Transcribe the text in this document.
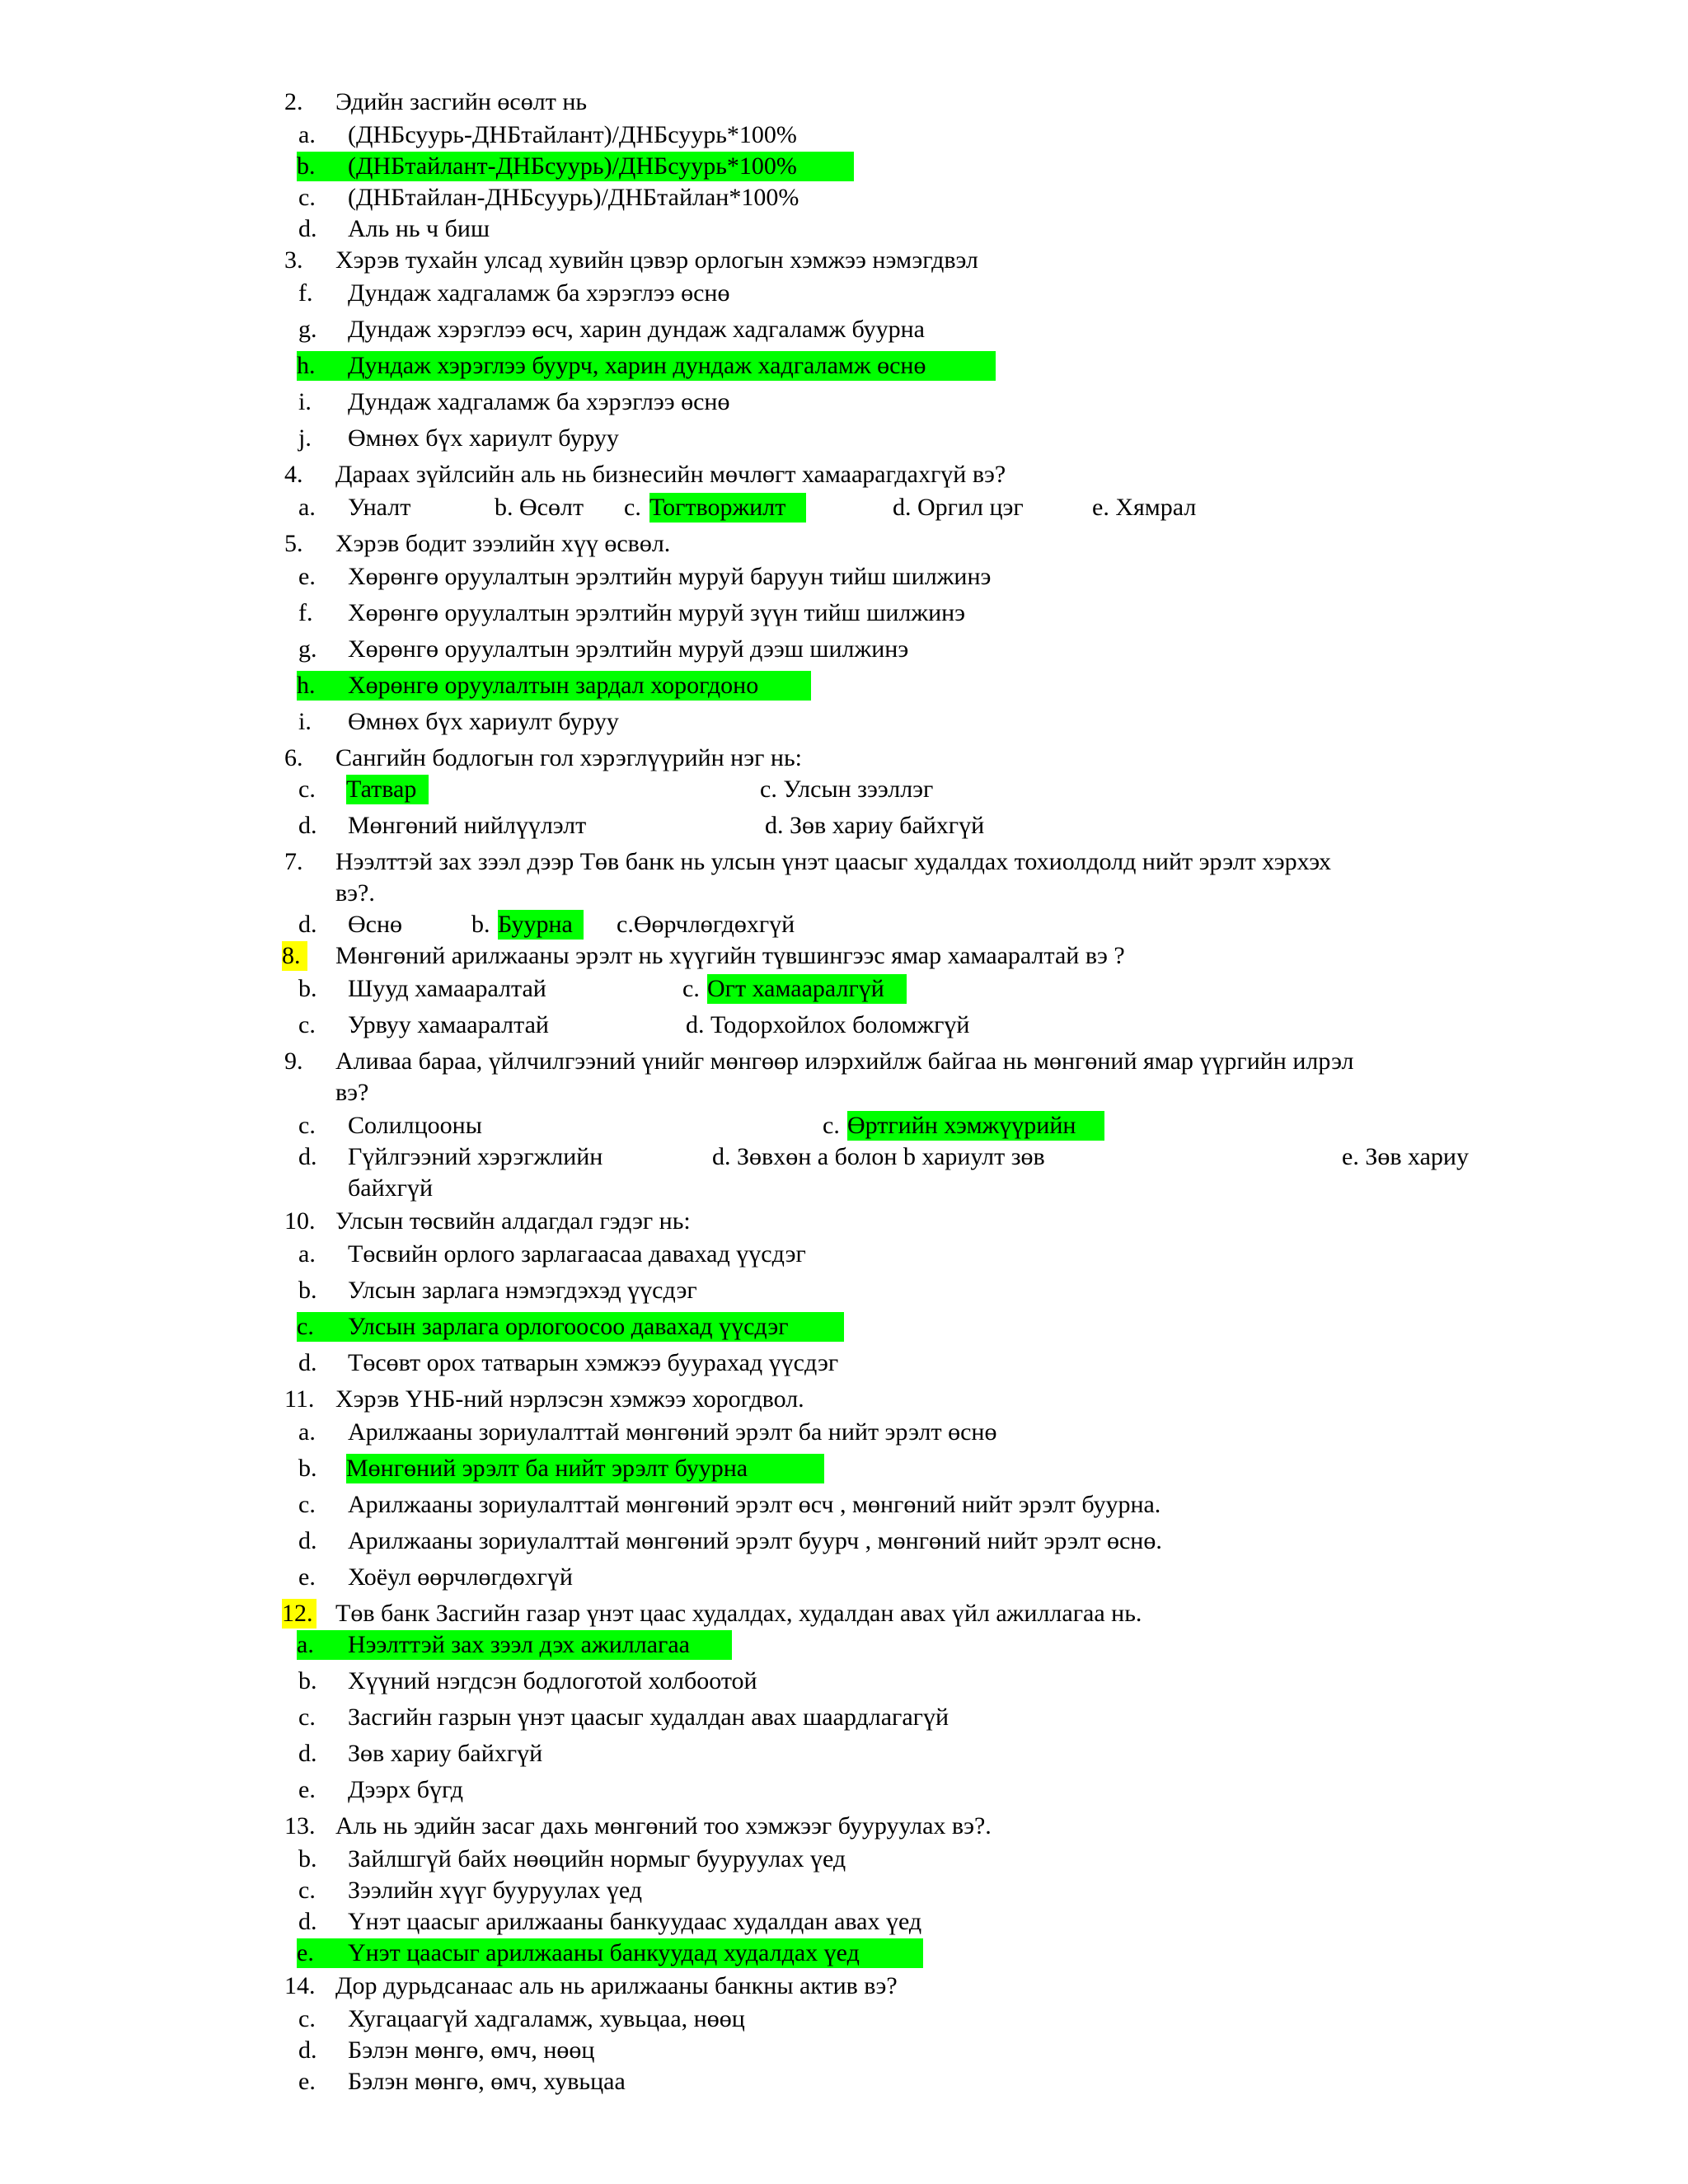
2. Эдийн засгийн өсөлт нь
a. (ДНБсуурь-ДНБтайлант)/ДНБсуурь*100%
b. (ДНБтайлант-ДНБсуурь)/ДНБсуурь*100%
c. (ДНБтайлан-ДНБсуурь)/ДНБтайлан*100%
d. Аль нь ч биш
3. Хэрэв тухайн улсад хувийн цэвэр орлогын хэмжээ нэмэгдвэл
f. Дундаж хадгаламж ба хэрэглээ өснө
g. Дундаж хэрэглээ өсч, харин дундаж хадгаламж буурна
h. Дундаж хэрэглээ буурч, харин дундаж хадгаламж өснө
i. Дундаж хадгаламж ба хэрэглээ өснө
j. Өмнөх бүх хариулт буруу
4. Дараах зүйлсийн аль нь бизнесийн мөчлөгт хамаарагдахгүй вэ?
a. Уналт	b. Өсөлт c. Тогтворжилт	d. Оргил цэг	e. Хямрал
5. Хэрэв бодит зээлийн хүү өсвөл.
e. Хөрөнгө оруулалтын эрэлтийн муруй баруун тийш шилжинэ
f. Хөрөнгө оруулалтын эрэлтийн муруй зүүн тийш шилжинэ
g. Хөрөнгө оруулалтын эрэлтийн муруй дээш шилжинэ
h. Хөрөнгө оруулалтын зардал хорогдоно
i. Өмнөх бүх хариулт буруу
6. Сангийн бодлогын гол хэрэглүүрийн нэг нь:
c. Татвар	c. Улсын зээллэг
d. Мөнгөний нийлүүлэлт	d. Зөв хариу байхгүй
7. Нээлттэй зах зээл дээр Төв банк нь улсын үнэт цаасыг худалдах тохиолдолд нийт эрэлт хэрхэх
вэ?.
d. Өснө	b. Буурна	c.Өөрчлөгдөхгүй
8. Мөнгөний арилжааны эрэлт нь хүүгийн түвшингээс ямар хамааралтай вэ ?
b. Шууд хамааралтай	c. Огт хамааралгүй
c. Урвуу хамааралтай	d. Тодорхойлох боломжгүй
9. Аливаа бараа, үйлчилгээний үнийг мөнгөөр илэрхийлж байгаа нь мөнгөний ямар үүргийн илрэл
вэ?
c. Солилцооны	c. Өртгийн хэмжүүрийн
d. Гүйлгээний хэрэгжлийн	d. Зөвхөн a болон b хариулт зөв	e. Зөв хариу
байхгүй
10. Улсын төсвийн алдагдал гэдэг нь:
a. Төсвийн орлого зарлагаасаа давахад үүсдэг
b. Улсын зарлага нэмэгдэхэд үүсдэг
c. Улсын зарлага орлогоосоо давахад үүсдэг
d. Төсөвт орох татварын хэмжээ буурахад үүсдэг
11. Хэрэв ҮНБ-ний нэрлэсэн хэмжээ хорогдвол.
a. Арилжааны зориулалттай мөнгөний эрэлт ба нийт эрэлт өснө
b. Мөнгөний эрэлт ба нийт эрэлт буурна
c. Арилжааны зориулалттай мөнгөний эрэлт өсч , мөнгөний нийт эрэлт буурна.
d. Арилжааны зориулалттай мөнгөний эрэлт буурч , мөнгөний нийт эрэлт өснө.
e. Хоёул өөрчлөгдөхгүй
12. Төв банк Засгийн газар үнэт цаас худалдах, худалдан авах үйл ажиллагаа нь.
a. Нээлттэй зах зээл дэх ажиллагаа
b. Хүүний нэгдсэн бодлоготой холбоотой
c. Засгийн газрын үнэт цаасыг худалдан авах шаардлагагүй
d. Зөв хариу байхгүй
e. Дээрх бүгд
13. Аль нь эдийн засаг дахь мөнгөний тоо хэмжээг бууруулах вэ?.
b. Зайлшгүй байх нөөцийн нормыг бууруулах үед
c. Зээлийн хүүг бууруулах үед
d. Үнэт цаасыг арилжааны банкуудаас худалдан авах үед
e. Үнэт цаасыг арилжааны банкуудад худалдах үед
14. Дор дурьдсанаас аль нь арилжааны банкны актив вэ?
c. Хугацаагүй хадгаламж, хувьцаа, нөөц
d. Бэлэн мөнгө, өмч, нөөц
e. Бэлэн мөнгө, өмч, хувьцаа
